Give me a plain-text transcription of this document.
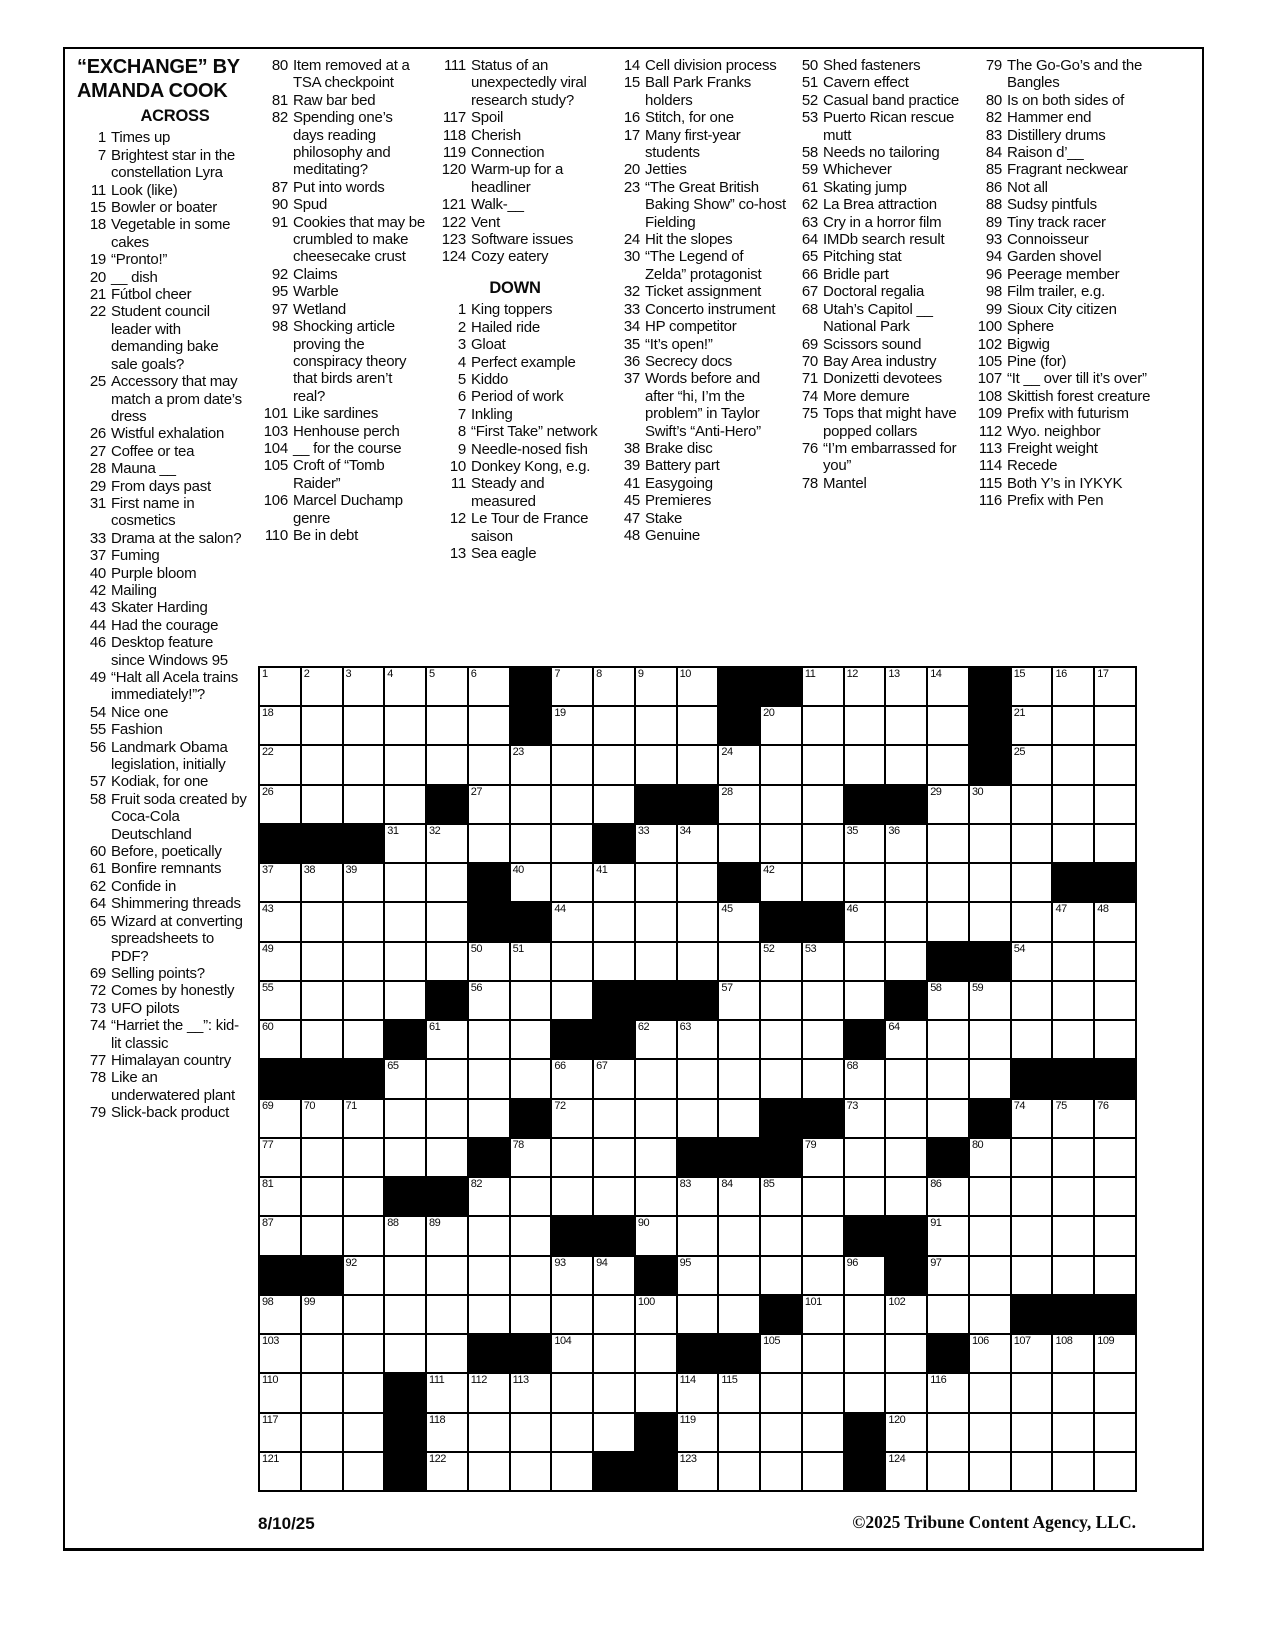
“EXCHANGE” BY
AMANDA COOK
ACROSS
1 Times up
7 Brightest star in the constellation Lyra
11 Look (like)
15 Bowler or boater
18 Vegetable in some cakes
19 “Pronto!”
20 __ dish
21 Fútbol cheer
22 Student council leader with demanding bake sale goals?
25 Accessory that may match a prom date’s dress
26 Wistful exhalation
27 Coffee or tea
28 Mauna __
29 From days past
31 First name in cosmetics
33 Drama at the salon?
37 Fuming
40 Purple bloom
42 Mailing
43 Skater Harding
44 Had the courage
46 Desktop feature since Windows 95
49 “Halt all Acela trains immediately!”?
54 Nice one
55 Fashion
56 Landmark Obama legislation, initially
57 Kodiak, for one
58 Fruit soda created by Coca-Cola Deutschland
60 Before, poetically
61 Bonfire remnants
62 Confide in
64 Shimmering threads
65 Wizard at converting spreadsheets to PDF?
69 Selling points?
72 Comes by honestly
73 UFO pilots
74 “Harriet the __”: kid-lit classic
77 Himalayan country
78 Like an underwatered plant
79 Slick-back product
80 Item removed at a TSA checkpoint
81 Raw bar bed
82 Spending one’s days reading philosophy and meditating?
87 Put into words
90 Spud
91 Cookies that may be crumbled to make cheesecake crust
92 Claims
95 Warble
97 Wetland
98 Shocking article proving the conspiracy theory that birds aren’t real?
101 Like sardines
103 Henhouse perch
104 __ for the course
105 Croft of “Tomb Raider”
106 Marcel Duchamp genre
110 Be in debt
111 Status of an unexpectedly viral research study?
117 Spoil
118 Cherish
119 Connection
120 Warm-up for a headliner
121 Walk-__
122 Vent
123 Software issues
124 Cozy eatery
DOWN
1 King toppers
2 Hailed ride
3 Gloat
4 Perfect example
5 Kiddo
6 Period of work
7 Inkling
8 “First Take” network
9 Needle-nosed fish
10 Donkey Kong, e.g.
11 Steady and measured
12 Le Tour de France saison
13 Sea eagle
14 Cell division process
15 Ball Park Franks holders
16 Stitch, for one
17 Many first-year students
20 Jetties
23 “The Great British Baking Show” co-host Fielding
24 Hit the slopes
30 “The Legend of Zelda” protagonist
32 Ticket assignment
33 Concerto instrument
34 HP competitor
35 “It’s open!”
36 Secrecy docs
37 Words before and after “hi, I’m the problem” in Taylor Swift’s “Anti-Hero”
38 Brake disc
39 Battery part
41 Easygoing
45 Premieres
47 Stake
48 Genuine
50 Shed fasteners
51 Cavern effect
52 Casual band practice
53 Puerto Rican rescue mutt
58 Needs no tailoring
59 Whichever
61 Skating jump
62 La Brea attraction
63 Cry in a horror film
64 IMDb search result
65 Pitching stat
66 Bridle part
67 Doctoral regalia
68 Utah’s Capitol __ National Park
69 Scissors sound
70 Bay Area industry
71 Donizetti devotees
74 More demure
75 Tops that might have popped collars
76 “I’m embarrassed for you”
78 Mantel
79 The Go-Go’s and the Bangles
80 Is on both sides of
82 Hammer end
83 Distillery drums
84 Raison d’__
85 Fragrant neckwear
86 Not all
88 Sudsy pintfuls
89 Tiny track racer
93 Connoisseur
94 Garden shovel
96 Peerage member
98 Film trailer, e.g.
99 Sioux City citizen
100 Sphere
102 Bigwig
105 Pine (for)
107 “It __ over till it’s over”
108 Skittish forest creature
109 Prefix with futurism
112 Wyo. neighbor
113 Freight weight
114 Recede
115 Both Y’s in IYKYK
116 Prefix with Pen
1	2	3	4	5	6	7	8	9	10	11	12	13	14	15	16	17
18	19	20	21
22	23	24	25
26	27	28	29	30
31	32	33	34	35	36
37	38	39	40	41	42
43	44	45	46	47	48
49	50	51	52	53	54
55	56	57	58	59
60	61	62	63	64
65	66	67	68
69	70	71	72	73	74	75	76
77	78	79	80
81	82	83	84	85	86
87	88	89	90	91
92	93	94	95	96	97
98	99	100	101	102
103	104	105	106 107 108 109
110	111 112 113	114 115	116
117	118	119	120
121	122	123	124
8/10/25	©2025 Tribune Content Agency, LLC.
